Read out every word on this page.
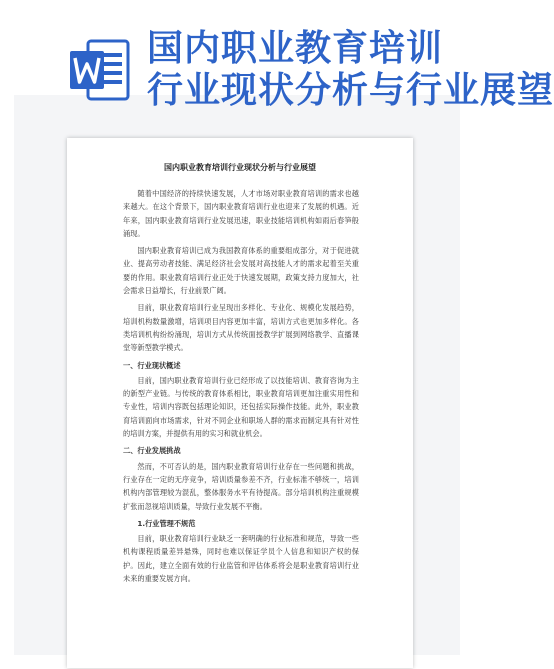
国内职业教育培训
行业现状分析与行业展望
国内职业教育培训行业现状分析与行业展望

随着中国经济的持续快速发展，人才市场对职业教育培训的需求也越来越大。在这个背景下，国内职业教育培训行业也迎来了发展的机遇。近年来，国内职业教育培训行业发展迅速，职业技能培训机构如雨后春笋般涌现。

国内职业教育培训已成为我国教育体系的重要组成部分，对于促进就业、提高劳动者技能、满足经济社会发展对高技能人才的需求起着至关重要的作用。职业教育培训行业正处于快速发展期，政策支持力度加大，社会需求日益增长，行业前景广阔。

目前，职业教育培训行业呈现出多样化、专业化、规模化发展趋势，培训机构数量激增，培训项目内容更加丰富，培训方式也更加多样化。各类培训机构纷纷涌现，培训方式从传统面授教学扩展到网络教学、直播课堂等新型教学模式。

一、行业现状概述

目前，国内职业教育培训行业已经形成了以技能培训、教育咨询为主的新型产业链。与传统的教育体系相比，职业教育培训更加注重实用性和专业性，培训内容既包括理论知识，还包括实际操作技能。此外，职业教育培训面向市场需求，针对不同企业和职场人群的需求而制定具有针对性的培训方案，并提供有用的实习和就业机会。

二、行业发展挑战

然而，不可否认的是，国内职业教育培训行业存在一些问题和挑战，行业存在一定的无序竞争，培训质量参差不齐，行业标准不够统一，培训机构内部管理较为混乱，整体服务水平有待提高。部分培训机构注重规模扩张而忽视培训质量，导致行业发展不平衡。

1.行业管理不规范

目前，职业教育培训行业缺乏一套明确的行业标准和规范，导致一些机构课程质量差异悬殊，同时也难以保证学员个人信息和知识产权的保护。因此，建立全面有效的行业监管和评估体系将会是职业教育培训行业未来的重要发展方向。
